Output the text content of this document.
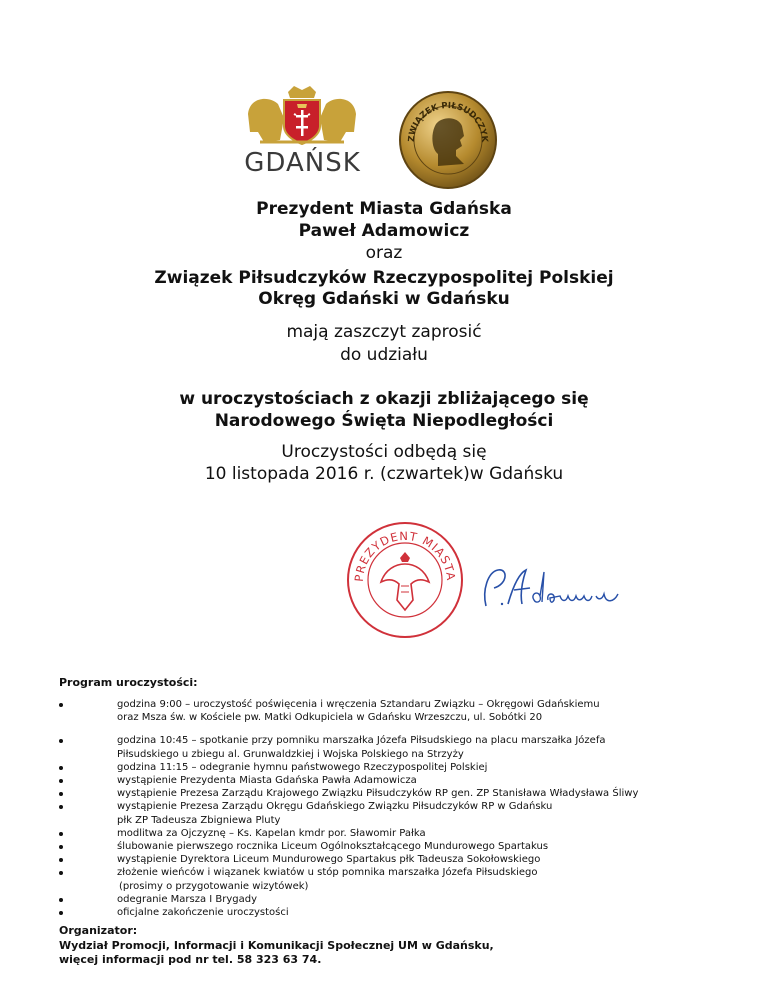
GDAŃSK
ZWIĄZEK PIŁSUDCZYK
Prezydent Miasta Gdańska
Paweł Adamowicz
oraz
Związek Piłsudczyków Rzeczypospolitej Polskiej
Okręg Gdański w Gdańsku
mają zaszczyt zaprosić
do udziału
w uroczystościach z okazji zbliżającego się
Narodowego Święta Niepodległości
Uroczystości odbędą się
10 listopada 2016 r. (czwartek)w Gdańsku
PREZYDENT MIASTA
P. Adamowicz
Program uroczystości:
godzina 9:00 – uroczystość poświęcenia i wręczenia Sztandaru Związku – Okręgowi Gdańskiemu
oraz Msza św. w Kościele pw. Matki Odkupiciela w Gdańsku Wrzeszczu, ul. Sobótki 20
godzina 10:45 – spotkanie przy pomniku marszałka Józefa Piłsudskiego na placu marszałka Józefa
Piłsudskiego u zbiegu al. Grunwaldzkiej i Wojska Polskiego na Strzyży
godzina 11:15 – odegranie hymnu państwowego Rzeczypospolitej Polskiej
wystąpienie Prezydenta Miasta Gdańska Pawła Adamowicza
wystąpienie Prezesa Zarządu Krajowego Związku Piłsudczyków RP gen. ZP Stanisława Władysława Śliwy
wystąpienie Prezesa Zarządu Okręgu Gdańskiego Związku Piłsudczyków RP w Gdańsku
płk ZP Tadeusza Zbigniewa Pluty
modlitwa za Ojczyznę – Ks. Kapelan kmdr por. Sławomir Pałka
ślubowanie pierwszego rocznika Liceum Ogólnokształcącego Mundurowego Spartakus
wystąpienie Dyrektora Liceum Mundurowego Spartakus płk Tadeusza Sokołowskiego
złożenie wieńców i wiązanek kwiatów u stóp pomnika marszałka Józefa Piłsudskiego
(prosimy o przygotowanie wizytówek)
odegranie Marsza I Brygady
oficjalne zakończenie uroczystości
Organizator:
Wydział Promocji, Informacji i Komunikacji Społecznej UM w Gdańsku,
więcej informacji pod nr tel. 58 323 63 74.
